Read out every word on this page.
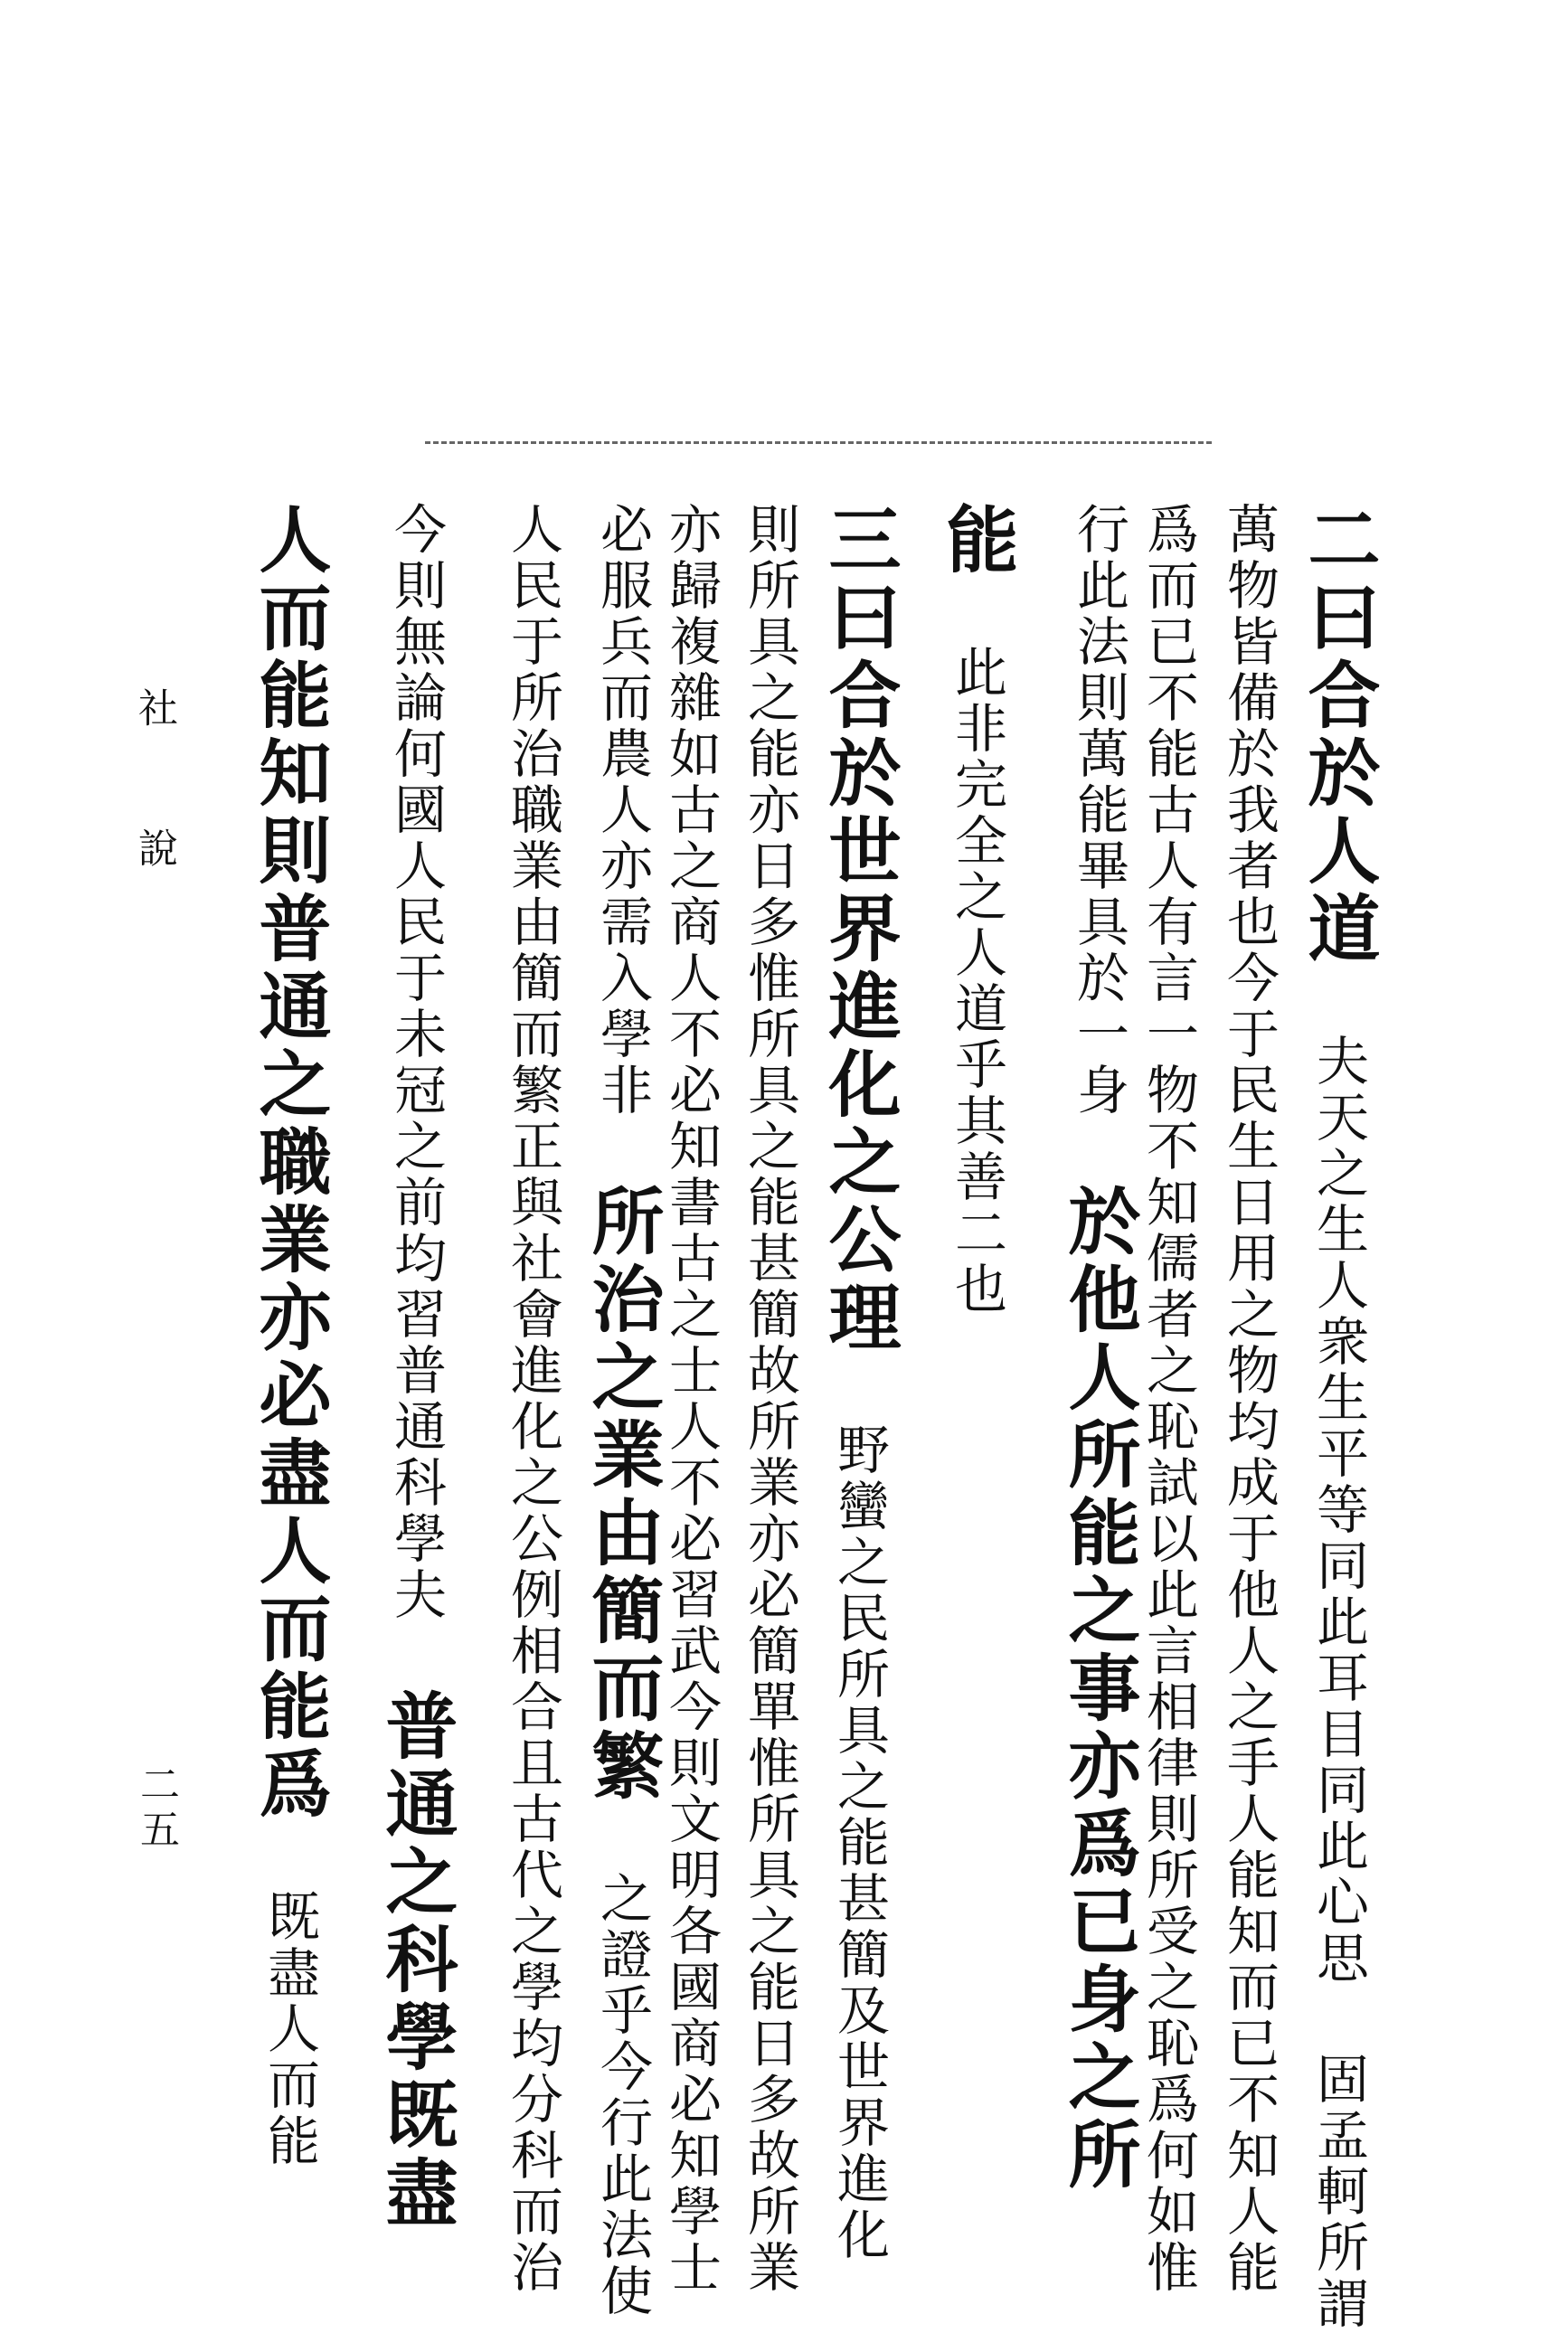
二曰合於人道 夫天之生人衆生平等同此耳目同此心思 固孟軻所謂
萬物皆備於我者也今于民生日用之物均成于他人之手人能知而已不知人能
爲而已不能古人有言一物不知儒者之恥試以此言相律則所受之恥爲何如惟
行此法則萬能畢具於一身 於他人所能之事亦爲已身之所
能 此非完全之人道乎其善二也
三曰合於世界進化之公理 野蠻之民所具之能甚簡及世界進化
則所具之能亦日多惟所具之能甚簡故所業亦必簡單惟所具之能日多故所業
亦歸複雜如古之商人不必知書古之士人不必習武今則文明各國商必知學士
必服兵而農人亦需入學非 所治之業由簡而繁 之證乎今行此法使
人民于所治職業由簡而繁正與社會進化之公例相合且古代之學均分科而治
今則無論何國人民于未冠之前均習普通科學夫 普通之科學既盡
人而能知則普通之職業亦必盡人而能爲 既盡人而能
社 說
二五
